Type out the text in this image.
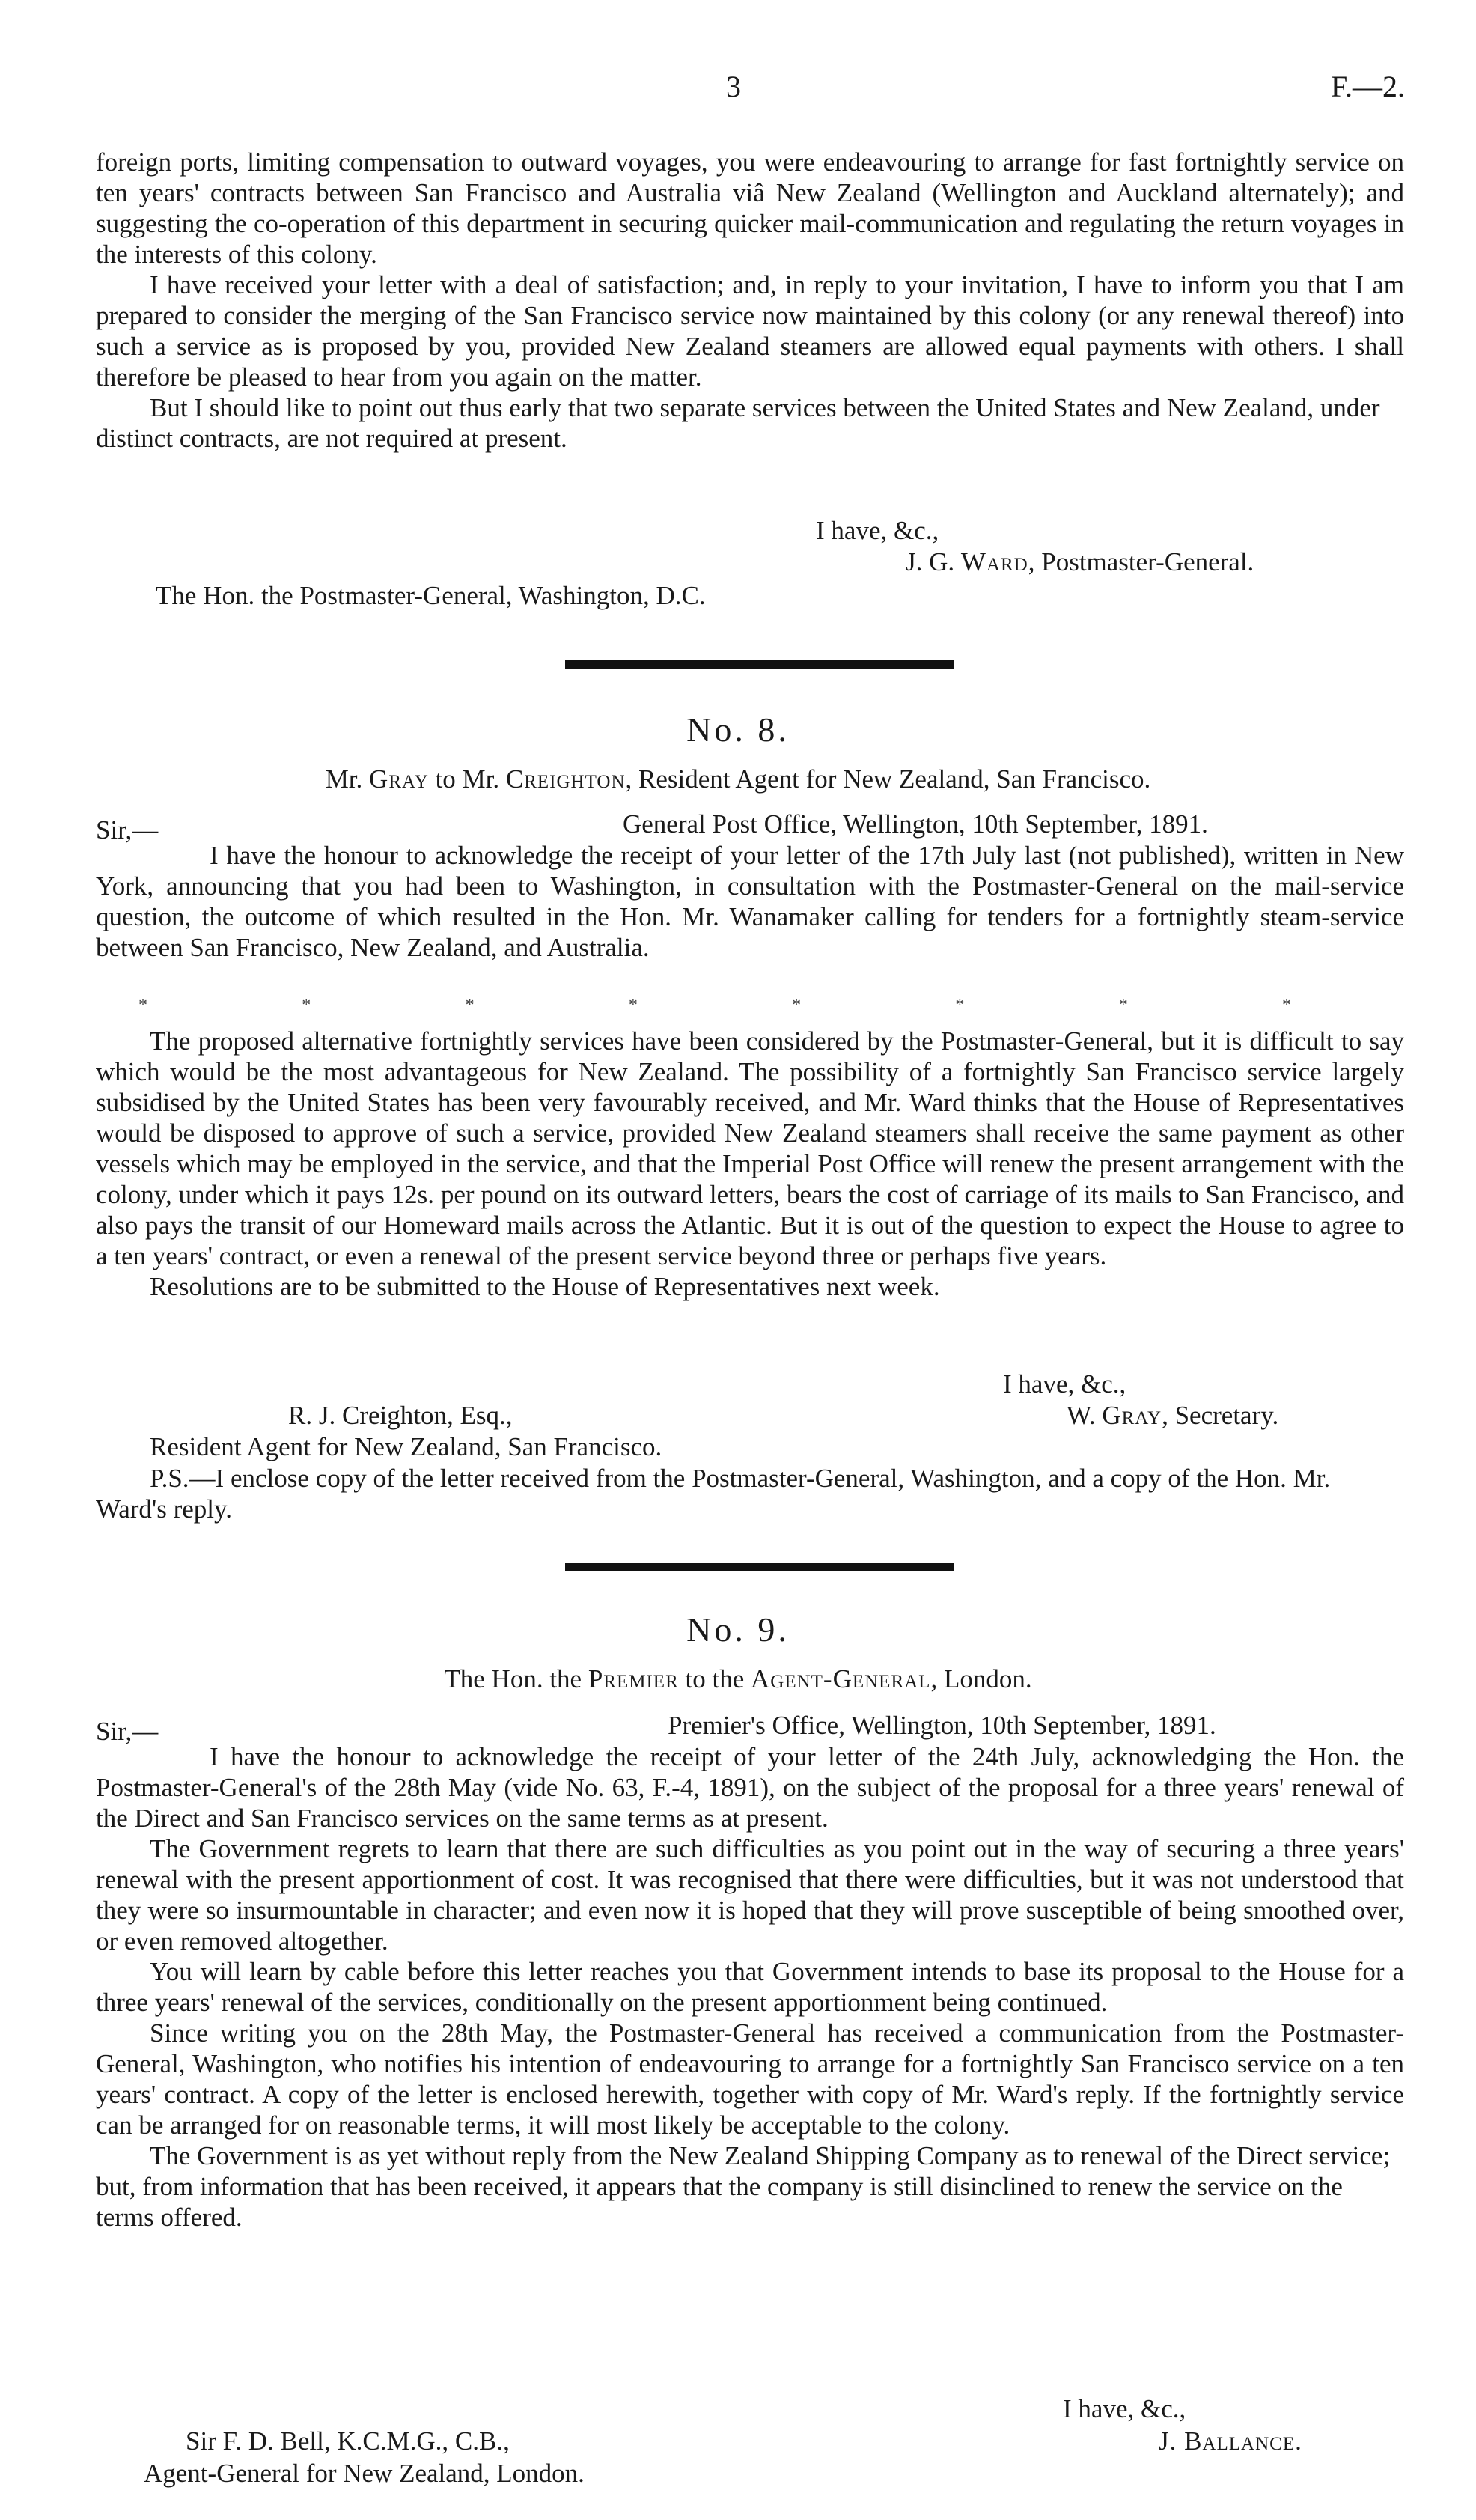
3	F.—2.

foreign ports, limiting compensation to outward voyages, you were endeavouring to arrange for fast fortnightly service on ten years' contracts between San Francisco and Australia viâ New Zealand (Wellington and Auckland alternately); and suggesting the co-operation of this department in securing quicker mail-communication and regulating the return voyages in the interests of this colony.

I have received your letter with a deal of satisfaction; and, in reply to your invitation, I have to inform you that I am prepared to consider the merging of the San Francisco service now maintained by this colony (or any renewal thereof) into such a service as is proposed by you, provided New Zealand steamers are allowed equal payments with others. I shall therefore be pleased to hear from you again on the matter.

But I should like to point out thus early that two separate services between the United States and New Zealand, under distinct contracts, are not required at present.

I have, &c.,
J. G. Ward, Postmaster-General.
The Hon. the Postmaster-General, Washington, D.C.
No. 8.
Mr. Gray to Mr. Creighton, Resident Agent for New Zealand, San Francisco.
Sir,—	General Post Office, Wellington, 10th September, 1891.

I have the honour to acknowledge the receipt of your letter of the 17th July last (not published), written in New York, announcing that you had been to Washington, in consultation with the Postmaster-General on the mail-service question, the outcome of which resulted in the Hon. Mr. Wanamaker calling for tenders for a fortnightly steam-service between San Francisco, New Zealand, and Australia.

*	*	*	*	*	*	*	*

The proposed alternative fortnightly services have been considered by the Postmaster-General, but it is difficult to say which would be the most advantageous for New Zealand. The possibility of a fortnightly San Francisco service largely subsidised by the United States has been very favourably received, and Mr. Ward thinks that the House of Representatives would be disposed to approve of such a service, provided New Zealand steamers shall receive the same payment as other vessels which may be employed in the service, and that the Imperial Post Office will renew the present arrangement with the colony, under which it pays 12s. per pound on its outward letters, bears the cost of carriage of its mails to San Francisco, and also pays the transit of our Homeward mails across the Atlantic. But it is out of the question to expect the House to agree to a ten years' contract, or even a renewal of the present service beyond three or perhaps five years.

Resolutions are to be submitted to the House of Representatives next week.

I have, &c.,
R. J. Creighton, Esq.,	W. Gray, Secretary.
Resident Agent for New Zealand, San Francisco.

P.S.—I enclose copy of the letter received from the Postmaster-General, Washington, and a copy of the Hon. Mr. Ward's reply.

No. 9.
The Hon. the Premier to the Agent-General, London.
Sir,—	Premier's Office, Wellington, 10th September, 1891.

I have the honour to acknowledge the receipt of your letter of the 24th July, acknowledging the Hon. the Postmaster-General's of the 28th May (vide No. 63, F.-4, 1891), on the subject of the proposal for a three years' renewal of the Direct and San Francisco services on the same terms as at present.

The Government regrets to learn that there are such difficulties as you point out in the way of securing a three years' renewal with the present apportionment of cost. It was recognised that there were difficulties, but it was not understood that they were so insurmountable in character; and even now it is hoped that they will prove susceptible of being smoothed over, or even removed altogether.

You will learn by cable before this letter reaches you that Government intends to base its proposal to the House for a three years' renewal of the services, conditionally on the present apportionment being continued.

Since writing you on the 28th May, the Postmaster-General has received a communication from the Postmaster-General, Washington, who notifies his intention of endeavouring to arrange for a fortnightly San Francisco service on a ten years' contract. A copy of the letter is enclosed herewith, together with copy of Mr. Ward's reply. If the fortnightly service can be arranged for on reasonable terms, it will most likely be acceptable to the colony.

The Government is as yet without reply from the New Zealand Shipping Company as to renewal of the Direct service; but, from information that has been received, it appears that the company is still disinclined to renew the service on the terms offered.

I have, &c.,
Sir F. D. Bell, K.C.M.G., C.B.,	J. Ballance.
Agent-General for New Zealand, London.
